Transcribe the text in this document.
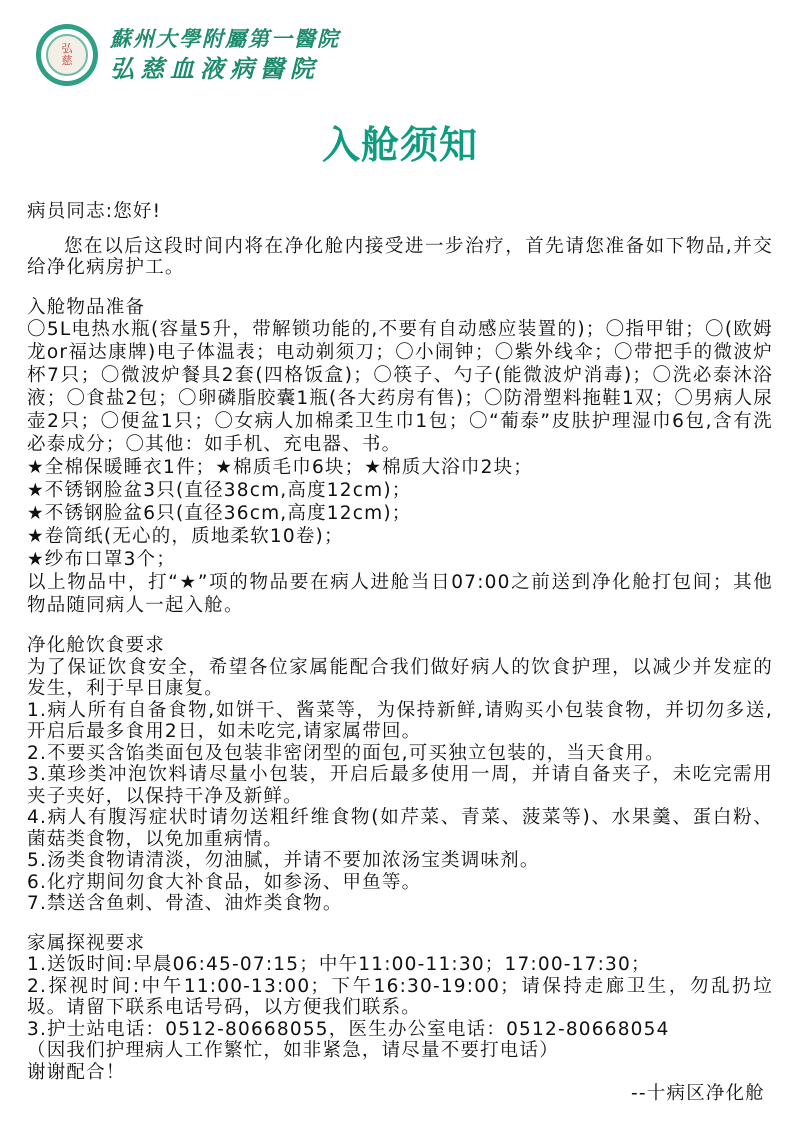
弘慈
蘇州大學附屬第一醫院
弘慈血液病醫院
入舱须知

病员同志:您好!

您在以后这段时间内将在净化舱内接受进一步治疗，首先请您准备如下物品,并交给净化病房护工。

入舱物品准备

〇5L电热水瓶(容量5升，带解锁功能的,不要有自动感应装置的)；〇指甲钳；〇(欧姆龙or福达康牌)电子体温表；电动剃须刀；〇小闹钟；〇紫外线伞；〇带把手的微波炉杯7只；〇微波炉餐具2套(四格饭盒)；〇筷子、勺子(能微波炉消毒)；〇洗必泰沐浴液；〇食盐2包；〇卵磷脂胶囊1瓶(各大药房有售)；〇防滑塑料拖鞋1双；〇男病人尿壶2只；〇便盆1只；〇女病人加棉柔卫生巾1包；〇“葡泰”皮肤护理湿巾6包,含有洗必泰成分；〇其他：如手机、充电器、书。

★全棉保暖睡衣1件；★棉质毛巾6块；★棉质大浴巾2块；

★不锈钢脸盆3只(直径38cm,高度12cm)；

★不锈钢脸盆6只(直径36cm,高度12cm)；

★卷筒纸(无心的，质地柔软10卷)；

★纱布口罩3个；

以上物品中，打“★”项的物品要在病人进舱当日07:00之前送到净化舱打包间；其他物品随同病人一起入舱。

净化舱饮食要求

为了保证饮食安全，希望各位家属能配合我们做好病人的饮食护理，以减少并发症的发生，利于早日康复。

1.病人所有自备食物,如饼干、酱菜等，为保持新鲜,请购买小包装食物，并切勿多送,开启后最多食用2日，如未吃完,请家属带回。

2.不要买含馅类面包及包装非密闭型的面包,可买独立包装的，当天食用。

3.菓珍类冲泡饮料请尽量小包装，开启后最多使用一周，并请自备夹子，未吃完需用夹子夹好，以保持干净及新鲜。

4.病人有腹泻症状时请勿送粗纤维食物(如芹菜、青菜、菠菜等)、水果羹、蛋白粉、菌菇类食物，以免加重病情。

5.汤类食物请清淡，勿油腻，并请不要加浓汤宝类调味剂。

6.化疗期间勿食大补食品，如参汤、甲鱼等。

7.禁送含鱼刺、骨渣、油炸类食物。

家属探视要求

1.送饭时间:早晨06:45-07:15；中午11:00-11:30；17:00-17:30；

2.探视时间:中午11:00-13:00；下午16:30-19:00；请保持走廊卫生，勿乱扔垃圾。请留下联系电话号码，以方便我们联系。

3.护士站电话：0512-80668055，医生办公室电话：0512-80668054

（因我们护理病人工作繁忙，如非紧急，请尽量不要打电话）

谢谢配合！

--十病区净化舱
